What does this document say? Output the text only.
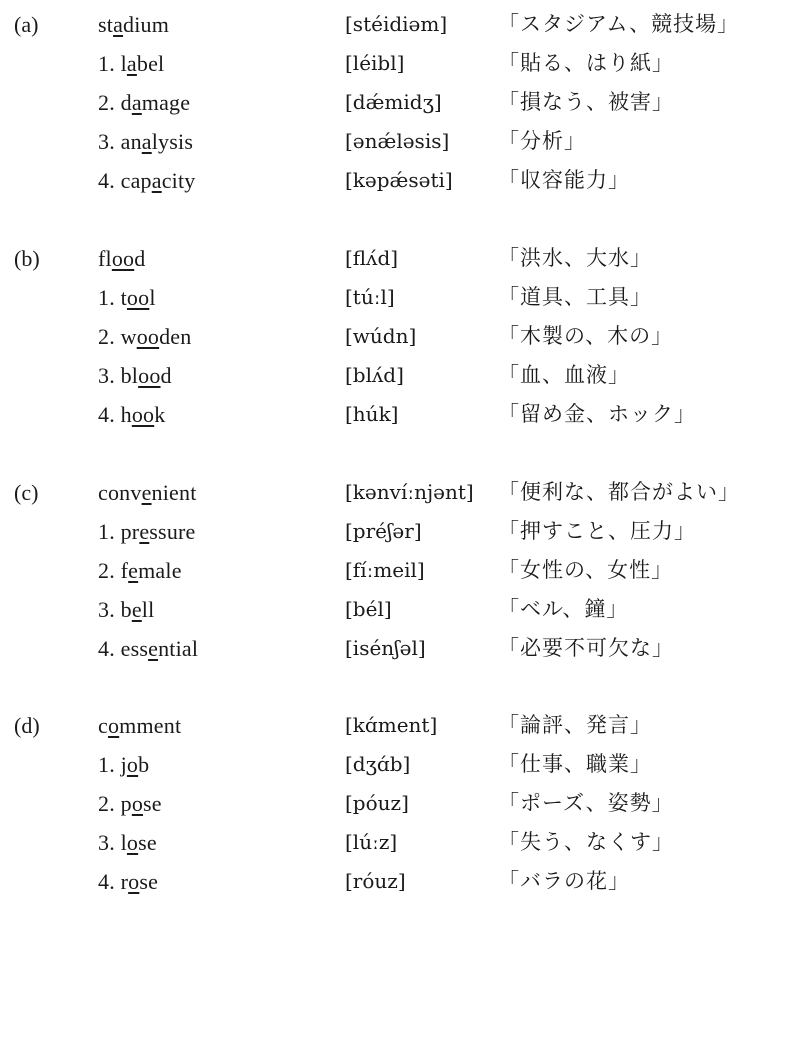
(a)	stadium	[stéidiəm] 「スタジアム、競技場」
1. label	[léibl]	「貼る、はり紙」
2. damage	[dǽmidʒ]	「損なう、被害」
3. analysis	[ənǽləsis] 「分析」
4. capacity	[kəpǽsəti] 「収容能力」
(b)	flood	[flʌ́d]	「洪水、大水」
1. tool	[túːl]	「道具、工具」
2. wooden	[wúdn]	「木製の、木の」
3. blood	[blʌ́d]	「血、血液」
4. hook	[húk]	「留め金、ホック」
(c)	convenient	[kənvíːnjənt] 「便利な、都合がよい」
1. pressure	[préʃər]	「押すこと、圧力」
2. female	[fíːmeil]	「女性の、女性」
3. bell	[bél]	「ベル、鐘」
4. essential	[isénʃəl]	「必要不可欠な」
(d)	comment	[kɑ́ment]	「論評、発言」
1. job	[dʒɑ́b]	「仕事、職業」
2. pose	[póuz]	「ポーズ、姿勢」
3. lose	[lúːz]	「失う、なくす」
4. rose	[róuz]	「バラの花」
